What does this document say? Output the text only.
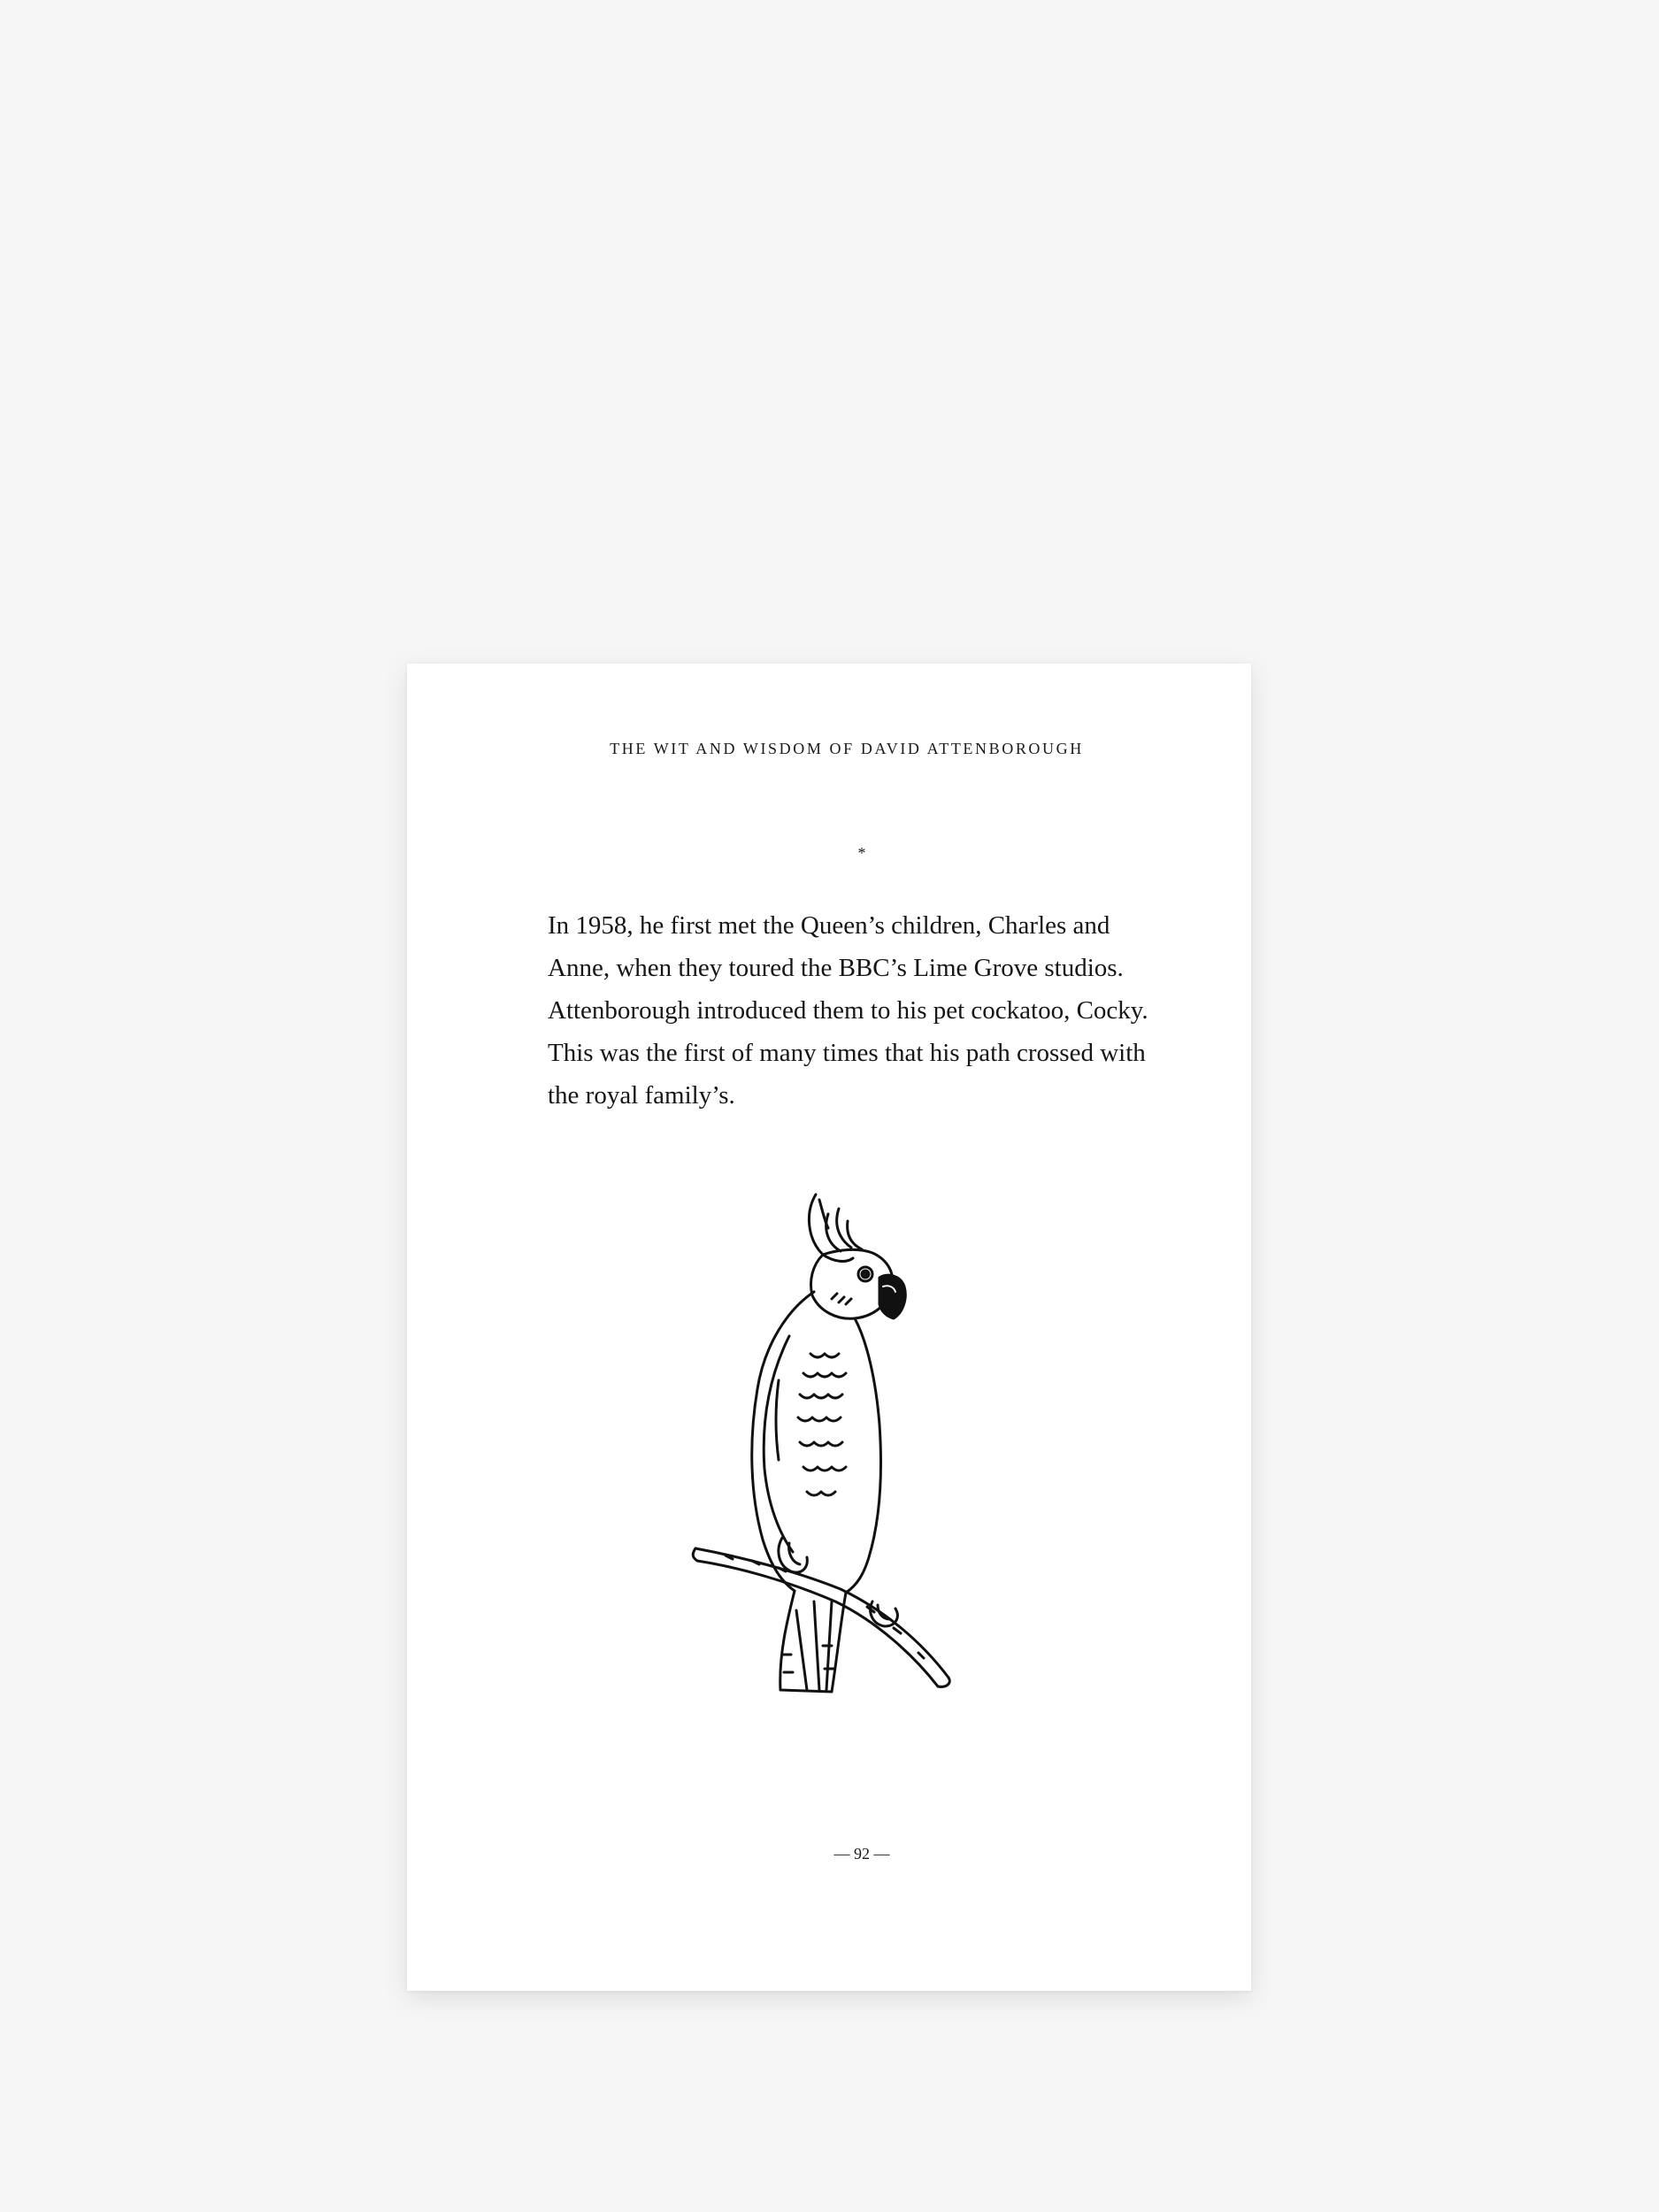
THE WIT AND WISDOM OF DAVID ATTENBOROUGH
*

In 1958, he first met the Queen’s children, Charles and Anne, when they toured the BBC’s Lime Grove studios. Attenborough introduced them to his pet cockatoo, Cocky. This was the first of many times that his path crossed with the royal family’s.

— 92 —
